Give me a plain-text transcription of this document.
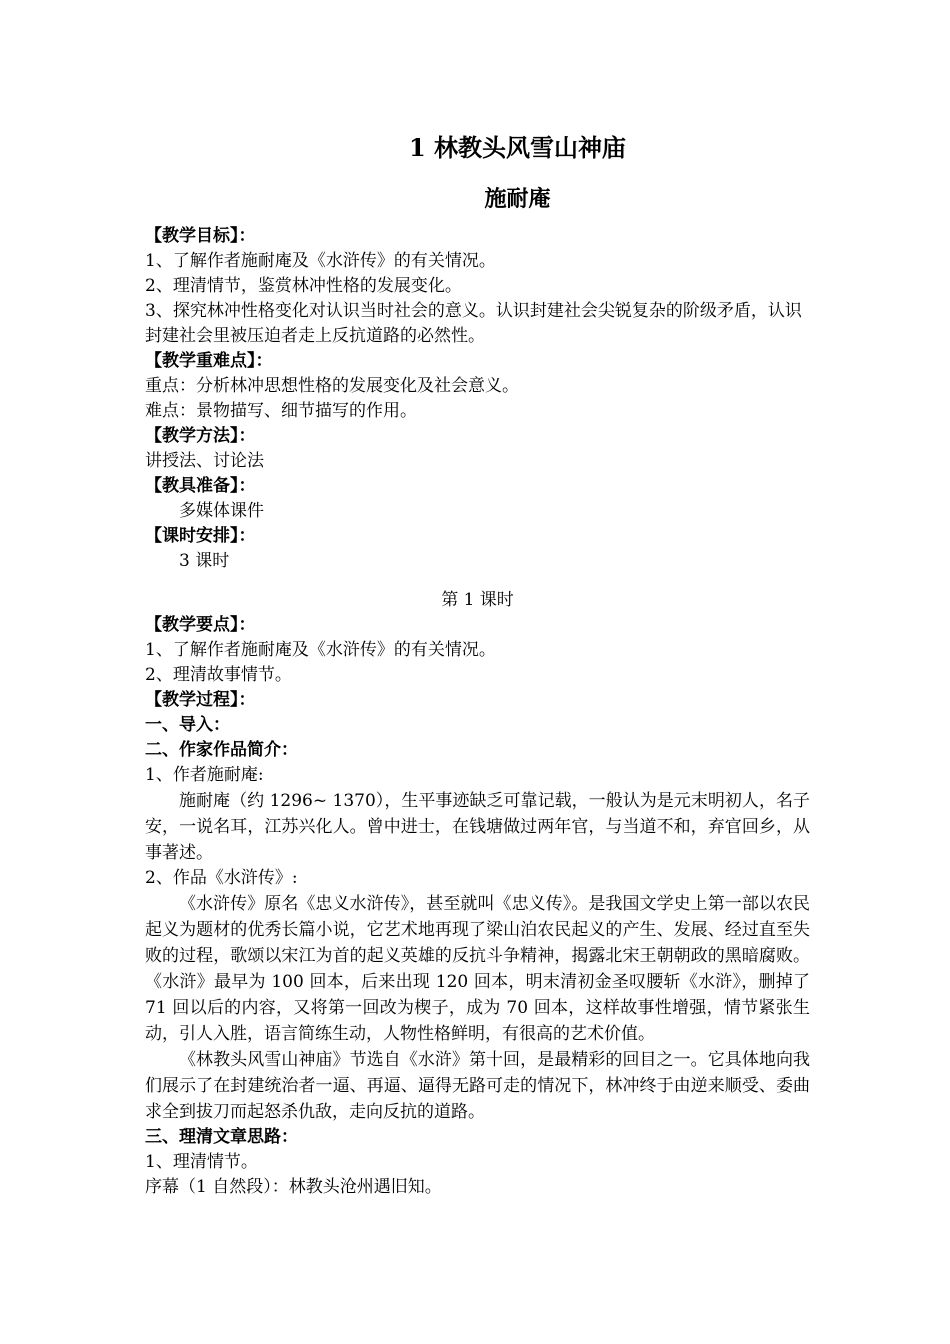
1 林教头风雪山神庙
施耐庵

【教学目标】：

1、了解作者施耐庵及《水浒传》的有关情况。

2、理清情节，鉴赏林冲性格的发展变化。

3、探究林冲性格变化对认识当时社会的意义。认识封建社会尖锐复杂的阶级矛盾，认识封建社会里被压迫者走上反抗道路的必然性。

【教学重难点】：

重点：分析林冲思想性格的发展变化及社会意义。

难点：景物描写、细节描写的作用。

【教学方法】：

讲授法、讨论法

【教具准备】：

多媒体课件

【课时安排】：

3 课时

第 1 课时

【教学要点】：

1、了解作者施耐庵及《水浒传》的有关情况。

2、理清故事情节。

【教学过程】：

一、导入：

二、作家作品简介：

1、作者施耐庵:

施耐庵（约 1296~ 1370），生平事迹缺乏可靠记载，一般认为是元末明初人，名子安，一说名耳，江苏兴化人。曾中进士，在钱塘做过两年官，与当道不和，弃官回乡，从事著述。

2、作品《水浒传》:

《水浒传》原名《忠义水浒传》，甚至就叫《忠义传》。是我国文学史上第一部以农民起义为题材的优秀长篇小说，它艺术地再现了梁山泊农民起义的产生、发展、经过直至失败的过程，歌颂以宋江为首的起义英雄的反抗斗争精神，揭露北宋王朝朝政的黑暗腐败。《水浒》最早为 100 回本，后来出现 120 回本，明末清初金圣叹腰斩《水浒》，删掉了 71 回以后的内容，又将第一回改为楔子，成为 70 回本，这样故事性增强，情节紧张生动，引人入胜，语言简练生动，人物性格鲜明，有很高的艺术价值。

《林教头风雪山神庙》节选自《水浒》第十回，是最精彩的回目之一。它具体地向我们展示了在封建统治者一逼、再逼、逼得无路可走的情况下，林冲终于由逆来顺受、委曲求全到拔刀而起怒杀仇敌，走向反抗的道路。

三、理清文章思路：

1、理清情节。

序幕（1 自然段）：林教头沧州遇旧知。
